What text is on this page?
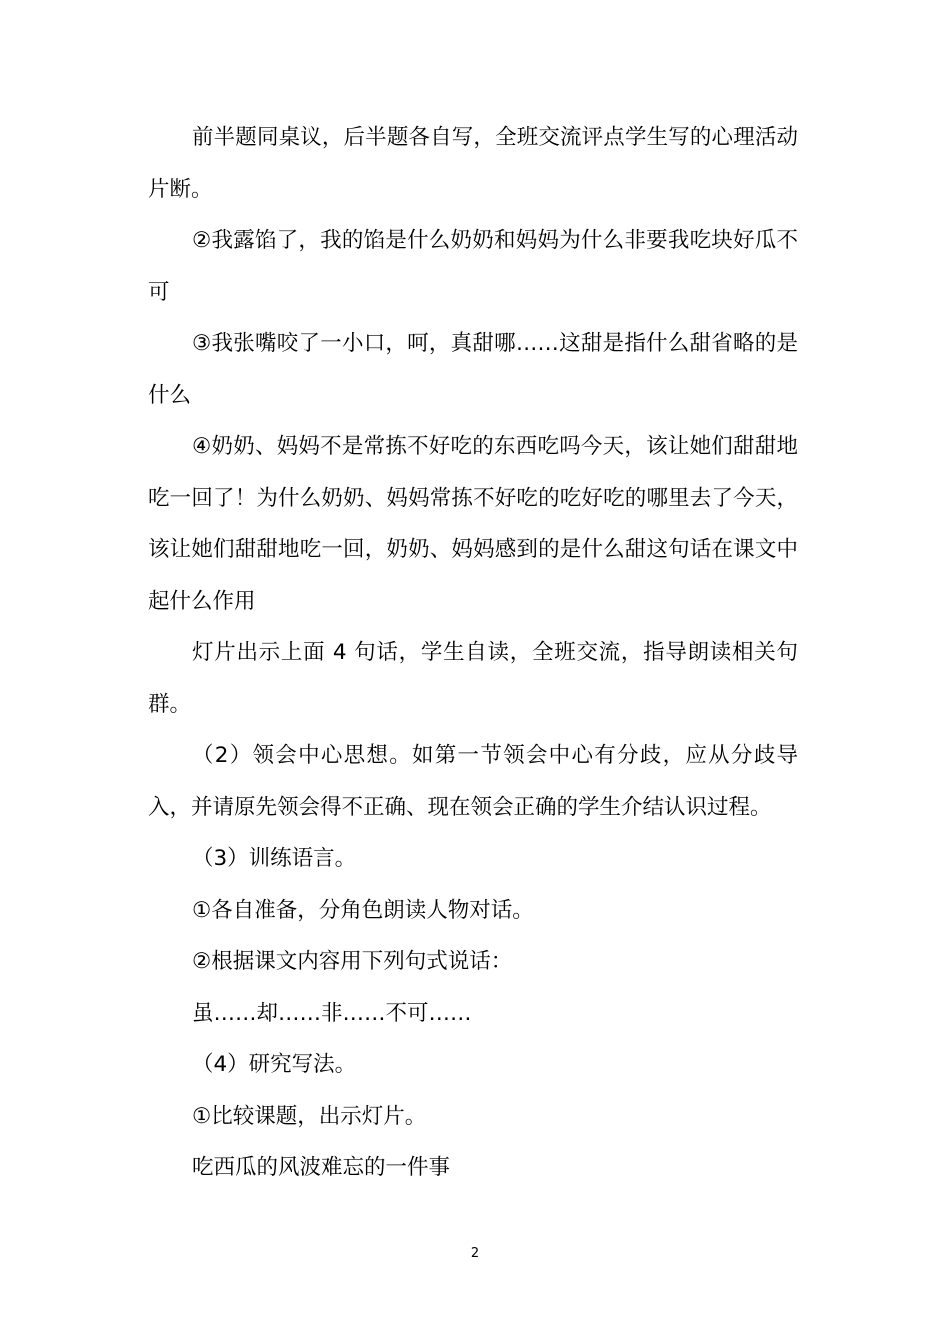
前半题同桌议，后半题各自写，全班交流评点学生写的心理活动片断。

②我露馅了，我的馅是什么奶奶和妈妈为什么非要我吃块好瓜不可

③我张嘴咬了一小口，呵，真甜哪……这甜是指什么甜省略的是什么

④奶奶、妈妈不是常拣不好吃的东西吃吗今天，该让她们甜甜地吃一回了！为什么奶奶、妈妈常拣不好吃的吃好吃的哪里去了今天，该让她们甜甜地吃一回，奶奶、妈妈感到的是什么甜这句话在课文中起什么作用

灯片出示上面 4 句话，学生自读，全班交流，指导朗读相关句群。

（2）领会中心思想。如第一节领会中心有分歧，应从分歧导入，并请原先领会得不正确、现在领会正确的学生介结认识过程。

（3）训练语言。

①各自准备，分角色朗读人物对话。

②根据课文内容用下列句式说话：

虽……却……非……不可……

（4）研究写法。

①比较课题，出示灯片。

吃西瓜的风波难忘的一件事

2
